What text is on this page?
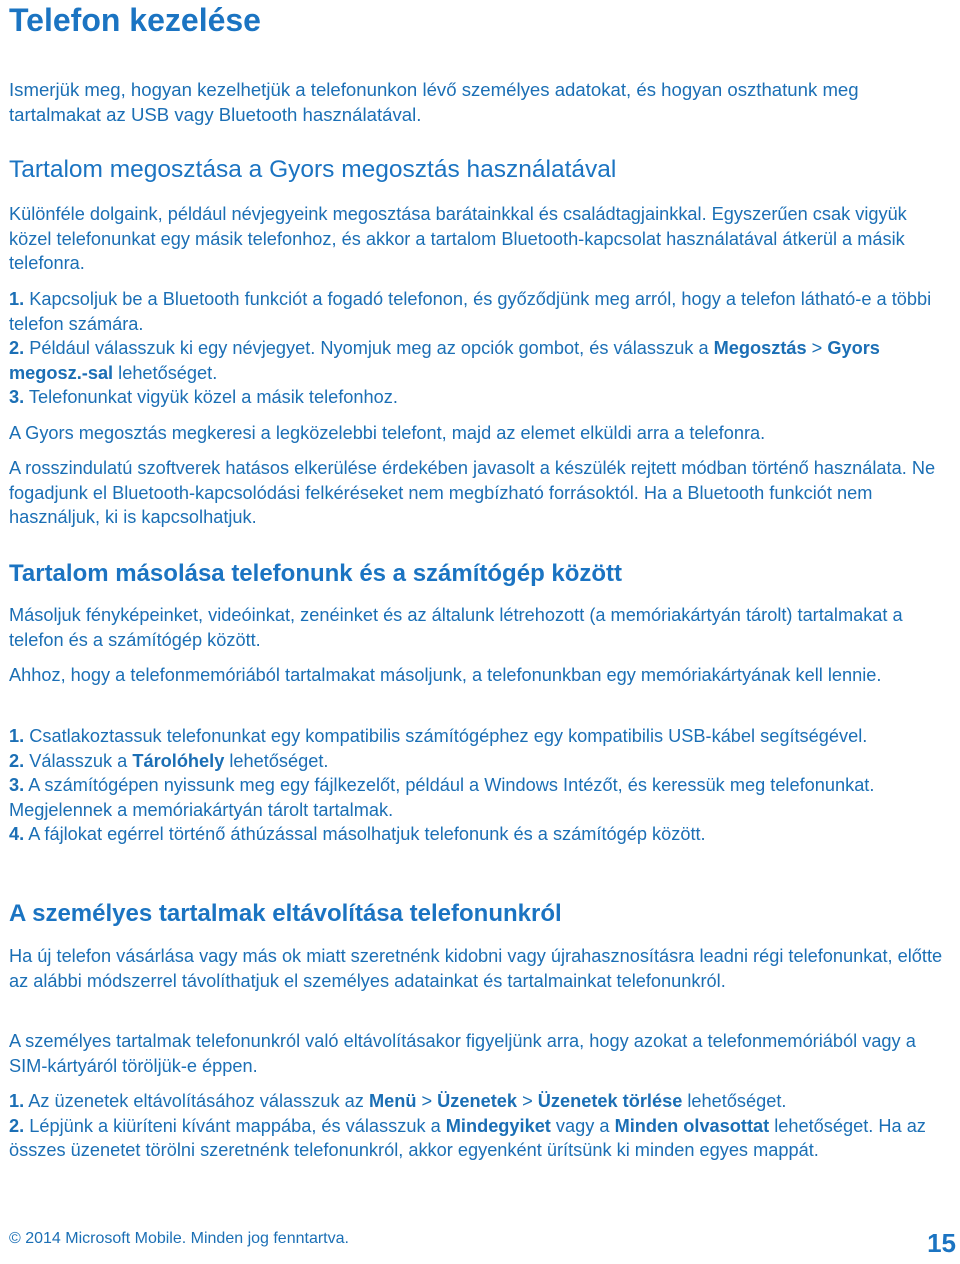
Telefon kezelése

Ismerjük meg, hogyan kezelhetjük a telefonunkon lévő személyes adatokat, és hogyan oszthatunk meg tartalmakat az USB vagy Bluetooth használatával.

Tartalom megosztása a Gyors megosztás használatával

Különféle dolgaink, például névjegyeink megosztása barátainkkal és családtagjainkkal. Egyszerűen csak vigyük közel telefonunkat egy másik telefonhoz, és akkor a tartalom Bluetooth-kapcsolat használatával átkerül a másik telefonra.

1. Kapcsoljuk be a Bluetooth funkciót a fogadó telefonon, és győződjünk meg arról, hogy a telefon látható-e a többi telefon számára.

2. Például válasszuk ki egy névjegyet. Nyomjuk meg az opciók gombot, és válasszuk a Megosztás > Gyors megosz.-sal lehetőséget.

3. Telefonunkat vigyük közel a másik telefonhoz.

A Gyors megosztás megkeresi a legközelebbi telefont, majd az elemet elküldi arra a telefonra.

A rosszindulatú szoftverek hatásos elkerülése érdekében javasolt a készülék rejtett módban történő használata. Ne fogadjunk el Bluetooth-kapcsolódási felkéréseket nem megbízható forrásoktól. Ha a Bluetooth funkciót nem használjuk, ki is kapcsolhatjuk.

Tartalom másolása telefonunk és a számítógép között

Másoljuk fényképeinket, videóinkat, zenéinket és az általunk létrehozott (a memóriakártyán tárolt) tartalmakat a telefon és a számítógép között.

Ahhoz, hogy a telefonmemóriából tartalmakat másoljunk, a telefonunkban egy memóriakártyának kell lennie.

1. Csatlakoztassuk telefonunkat egy kompatibilis számítógéphez egy kompatibilis USB-kábel segítségével.

2. Válasszuk a Tárolóhely lehetőséget.

3. A számítógépen nyissunk meg egy fájlkezelőt, például a Windows Intézőt, és keressük meg telefonunkat. Megjelennek a memóriakártyán tárolt tartalmak.

4. A fájlokat egérrel történő áthúzással másolhatjuk telefonunk és a számítógép között.

A személyes tartalmak eltávolítása telefonunkról

Ha új telefon vásárlása vagy más ok miatt szeretnénk kidobni vagy újrahasznosításra leadni régi telefonunkat, előtte az alábbi módszerrel távolíthatjuk el személyes adatainkat és tartalmainkat telefonunkról.

A személyes tartalmak telefonunkról való eltávolításakor figyeljünk arra, hogy azokat a telefonmemóriából vagy a SIM-kártyáról töröljük-e éppen.

1. Az üzenetek eltávolításához válasszuk az Menü > Üzenetek > Üzenetek törlése lehetőséget.

2. Lépjünk a kiüríteni kívánt mappába, és válasszuk a Mindegyiket vagy a Minden olvasottat lehetőséget. Ha az összes üzenetet törölni szeretnénk telefonunkról, akkor egyenként ürítsünk ki minden egyes mappát.

© 2014 Microsoft Mobile. Minden jog fenntartva.	15
